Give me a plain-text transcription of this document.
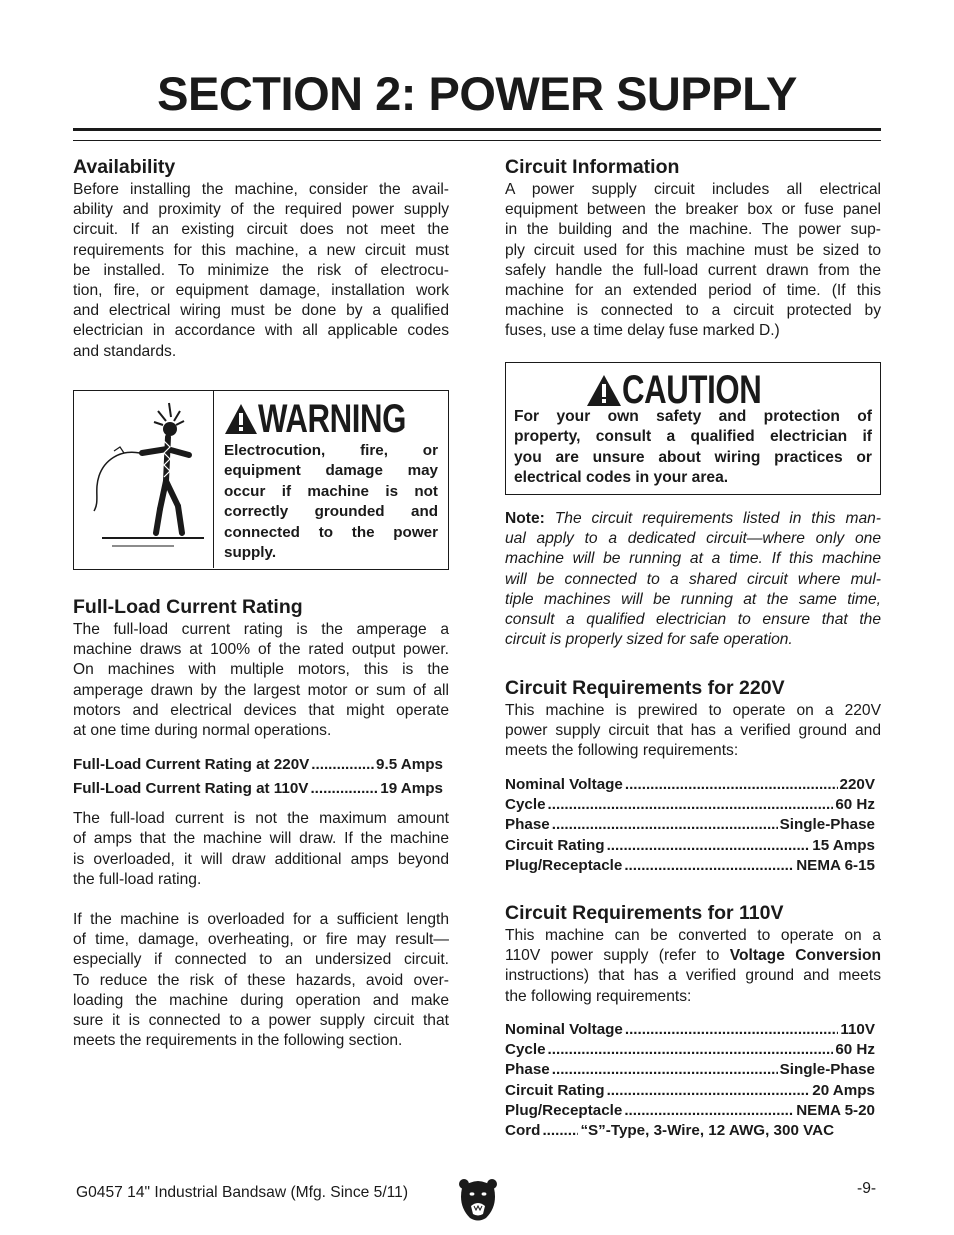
SECTION 2: POWER SUPPLY
Availability

Before installing the machine, consider the avail-
ability and proximity of the required power supply
circuit. If an existing circuit does not meet the
requirements for this machine, a new circuit must
be installed. To minimize the risk of electrocu-
tion, fire, or equipment damage, installation work
and electrical wiring must be done by a qualified
electrician in accordance with all applicable codes
and standards.

WARNING
Electrocution, fire, or
equipment damage may
occur if machine is not
correctly grounded and
connected to the power
supply.
Full-Load Current Rating

The full-load current rating is the amperage a
machine draws at 100% of the rated output power.
On machines with multiple motors, this is the
amperage drawn by the largest motor or sum of all
motors and electrical devices that might operate
at one time during normal operations.

Full-Load Current Rating at 220V .....	9.5 Amps
Full-Load Current Rating at 110V .....	19 Amps

The full-load current is not the maximum amount
of amps that the machine will draw. If the machine
is overloaded, it will draw additional amps beyond
the full-load rating.

If the machine is overloaded for a sufficient length
of time, damage, overheating, or fire may result—
especially if connected to an undersized circuit.
To reduce the risk of these hazards, avoid over-
loading the machine during operation and make
sure it is connected to a power supply circuit that
meets the requirements in the following section.

Circuit Information

A power supply circuit includes all electrical
equipment between the breaker box or fuse panel
in the building and the machine. The power sup-
ply circuit used for this machine must be sized to
safely handle the full-load current drawn from the
machine for an extended period of time. (If this
machine is connected to a circuit protected by
fuses, use a time delay fuse marked D.)

CAUTION
For your own safety and protection of
property, consult a qualified electrician if
you are unsure about wiring practices or
electrical codes in your area.

Note: The circuit requirements listed in this man-
ual apply to a dedicated circuit—where only one
machine will be running at a time. If this machine
will be connected to a shared circuit where mul-
tiple machines will be running at the same time,
consult a qualified electrician to ensure that the
circuit is properly sized for safe operation.

Circuit Requirements for 220V

This machine is prewired to operate on a 220V
power supply circuit that has a verified ground and
meets the following requirements:

Nominal Voltage .....	220V
Cycle .....	60 Hz
Phase .....	Single-Phase
Circuit Rating .....	15 Amps
Plug/Receptacle .....	NEMA 6-15
Circuit Requirements for 110V

This machine can be converted to operate on a
110V power supply (refer to Voltage Conversion
instructions) that has a verified ground and meets
the following requirements:

Nominal Voltage .....	110V
Cycle .....	60 Hz
Phase .....	Single-Phase
Circuit Rating .....	20 Amps
Plug/Receptacle .....	NEMA 5-20
Cord .....	“S”-Type, 3-Wire, 12 AWG, 300 VAC
G0457 14" Industrial Bandsaw (Mfg. Since 5/11)	-9-
